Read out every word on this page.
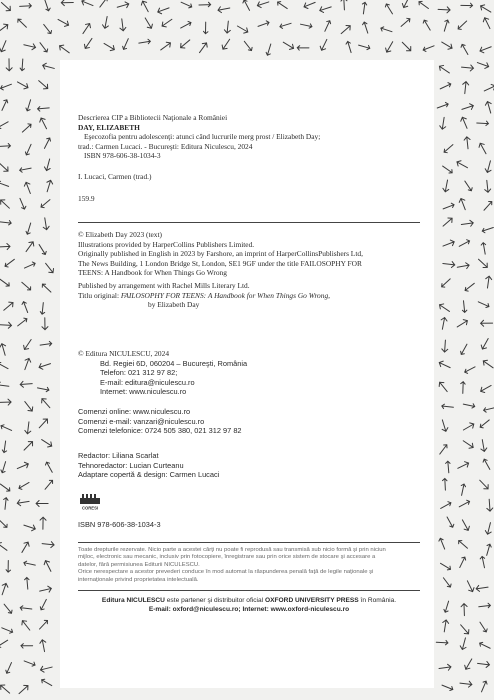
Descrierea CIP a Bibliotecii Naţionale a României
DAY, ELIZABETH
Eşecozofia pentru adolescenţi: atunci când lucrurile merg prost / Elizabeth Day;
trad.: Carmen Lucaci. - Bucureşti: Editura Niculescu, 2024
ISBN 978-606-38-1034-3
I. Lucaci, Carmen (trad.)
159.9
© Elizabeth Day 2023 (text)
Illustrations provided by HarperCollins Publishers Limited.
Originally published in English in 2023 by Farshore, an imprint of HarperCollinsPublishers Ltd,
The News Building, 1 London Bridge St, London, SE1 9GF under the title FAILOSOPHY FOR
TEENS: A Handbook for When Things Go Wrong
Published by arrangement with Rachel Mills Literary Ltd.
Titlu original: FAILOSOPHY FOR TEENS: A Handbook for When Things Go Wrong,
by Elizabeth Day
© Editura NICULESCU, 2024
Bd. Regiei 6D, 060204 – Bucureşti, România
Telefon: 021 312 97 82;
E-mail: editura@niculescu.ro
Internet: www.niculescu.ro
Comenzi online: www.niculescu.ro
Comenzi e-mail: vanzari@niculescu.ro
Comenzi telefonice: 0724 505 380, 021 312 97 82
Redactor: Liliana Scarlat
Tehnoredactor: Lucian Curteanu
Adaptare copertă & design: Carmen Lucaci
CORESI
ISBN 978-606-38-1034-3
Toate drepturile rezervate. Nicio parte a acestei cărţi nu poate fi reprodusă sau transmisă sub nicio formă şi prin niciun
mijloc, electronic sau mecanic, inclusiv prin fotocopiere, înregistrare sau prin orice sistem de stocare şi accesare a
datelor, fără permisiunea Editurii NICULESCU.
Orice nerespectare a acestor prevederi conduce în mod automat la răspunderea penală faţă de legile naţionale şi
internaţionale privind proprietatea intelectuală.
Editura NICULESCU este partener şi distribuitor oficial OXFORD UNIVERSITY PRESS în România.
E-mail: oxford@niculescu.ro; Internet: www.oxford-niculescu.ro
